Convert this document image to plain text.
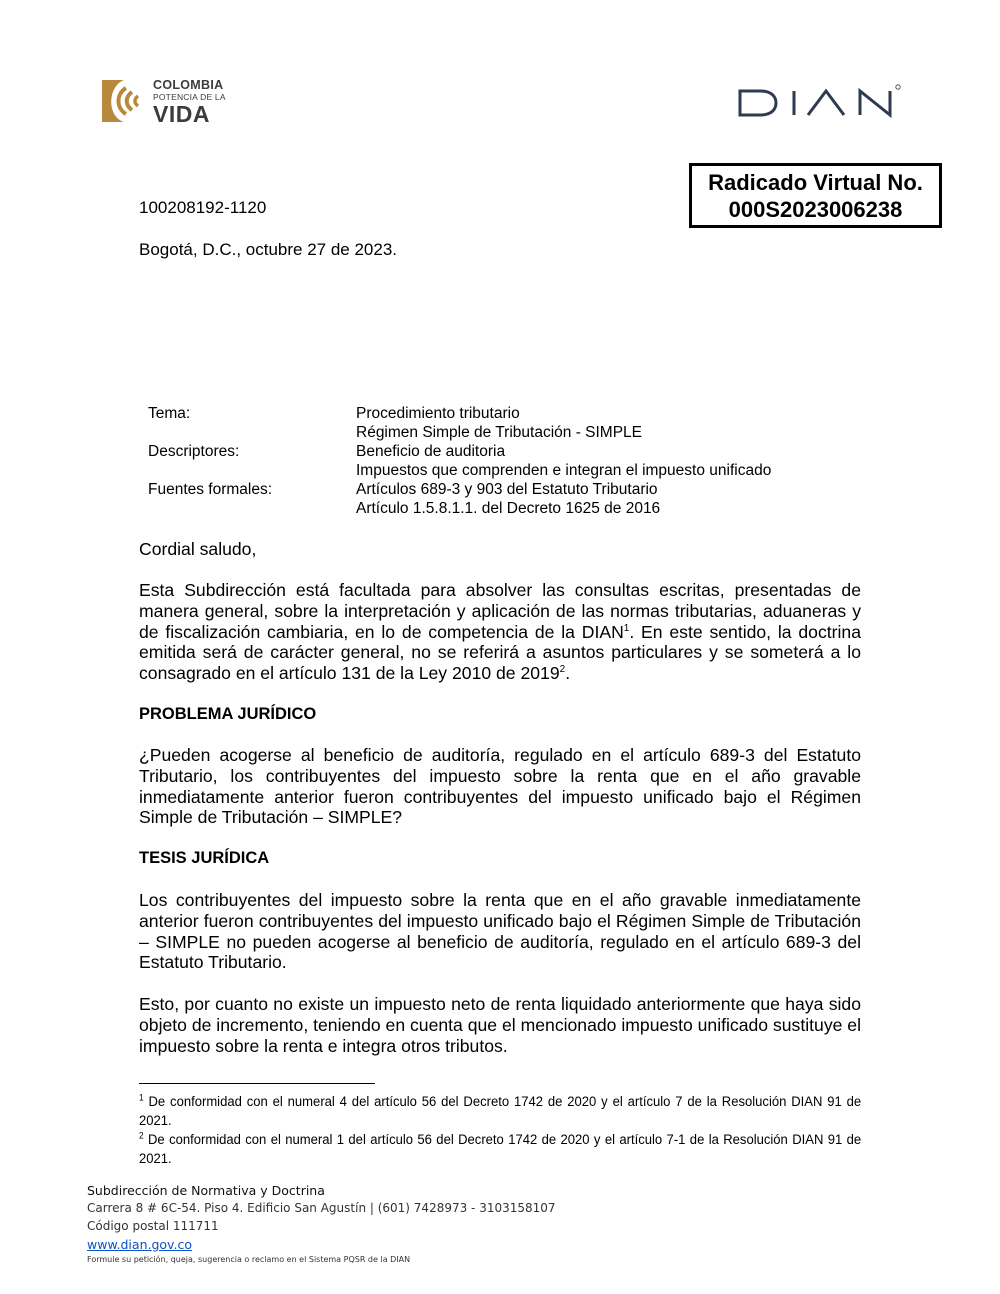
COLOMBIA
POTENCIA DE LA
VIDA
Radicado Virtual No.
000S2023006238
100208192-1120
Bogotá, D.C., octubre 27 de 2023.
Tema:	Procedimiento tributario
Régimen Simple de Tributación - SIMPLE
Descriptores:	Beneficio de auditoria
Impuestos que comprenden e integran el impuesto unificado
Fuentes formales:	Artículos 689-3 y 903 del Estatuto Tributario
Artículo 1.5.8.1.1. del Decreto 1625 de 2016
Cordial saludo,
Esta Subdirección está facultada para absolver las consultas escritas, presentadas de manera general, sobre la interpretación y aplicación de las normas tributarias, aduaneras y de fiscalización cambiaria, en lo de competencia de la DIAN$^1$. En este sentido, la doctrina emitida será de carácter general, no se referirá a asuntos particulares y se someterá a lo consagrado en el artículo 131 de la Ley 2010 de 2019$^2$.
PROBLEMA JURÍDICO
¿Pueden acogerse al beneficio de auditoría, regulado en el artículo 689-3 del Estatuto Tributario, los contribuyentes del impuesto sobre la renta que en el año gravable inmediatamente anterior fueron contribuyentes del impuesto unificado bajo el Régimen Simple de Tributación – SIMPLE?
TESIS JURÍDICA
Los contribuyentes del impuesto sobre la renta que en el año gravable inmediatamente anterior fueron contribuyentes del impuesto unificado bajo el Régimen Simple de Tributación – SIMPLE no pueden acogerse al beneficio de auditoría, regulado en el artículo 689-3 del Estatuto Tributario.
Esto, por cuanto no existe un impuesto neto de renta liquidado anteriormente que haya sido objeto de incremento, teniendo en cuenta que el mencionado impuesto unificado sustituye el impuesto sobre la renta e integra otros tributos.
$^1$ De conformidad con el numeral 4 del artículo 56 del Decreto 1742 de 2020 y el artículo 7 de la Resolución DIAN 91 de 2021.
$^2$ De conformidad con el numeral 1 del artículo 56 del Decreto 1742 de 2020 y el artículo 7-1 de la Resolución DIAN 91 de 2021.
Subdirección de Normativa y Doctrina
Carrera 8 # 6C-54. Piso 4. Edificio San Agustín | (601) 7428973 - 3103158107
Código postal 111711
www.dian.gov.co
Formule su petición, queja, sugerencia o reclamo en el Sistema PQSR de la DIAN
